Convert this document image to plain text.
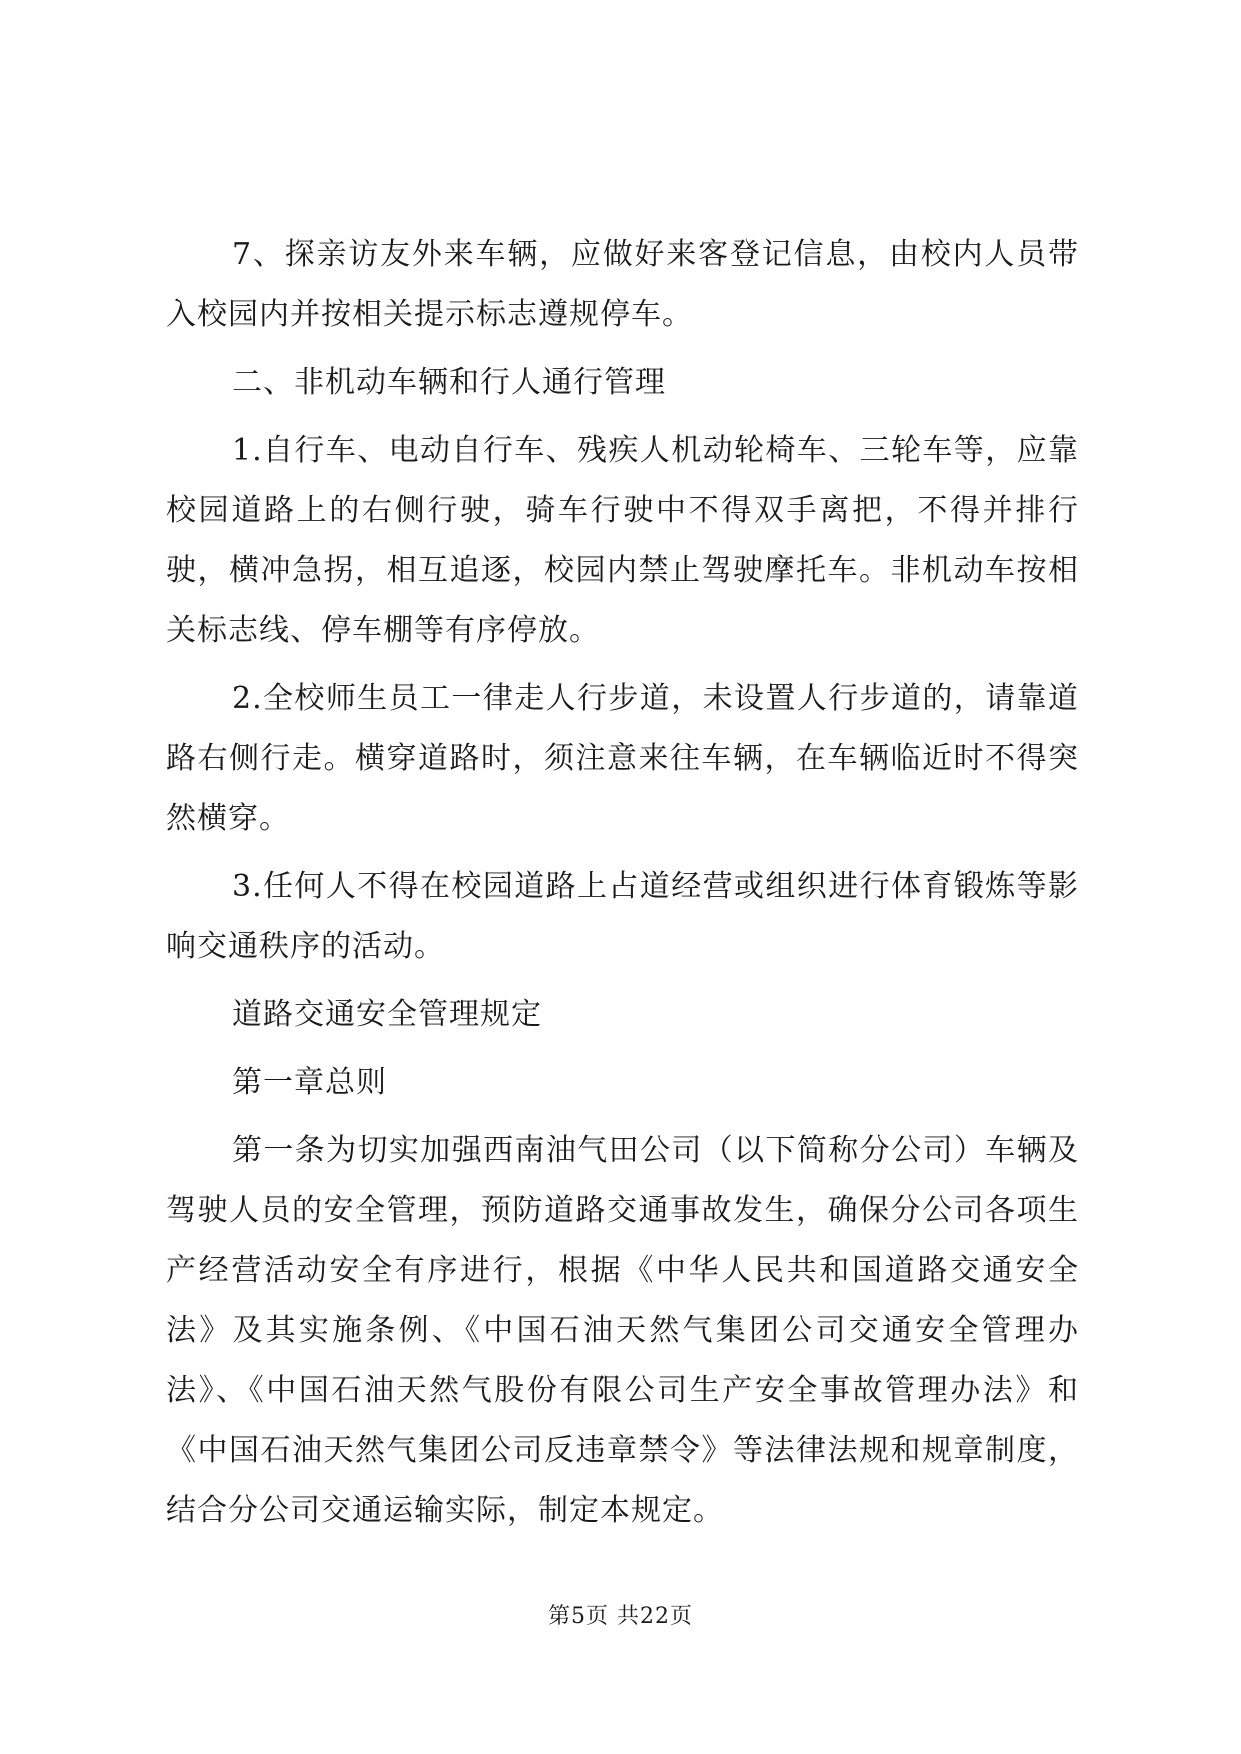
7、探亲访友外来车辆，应做好来客登记信息，由校内人员带入校园内并按相关提示标志遵规停车。

二、非机动车辆和行人通行管理

1.自行车、电动自行车、残疾人机动轮椅车、三轮车等，应靠校园道路上的右侧行驶，骑车行驶中不得双手离把，不得并排行驶，横冲急拐，相互追逐，校园内禁止驾驶摩托车。非机动车按相关标志线、停车棚等有序停放。

2.全校师生员工一律走人行步道，未设置人行步道的，请靠道路右侧行走。横穿道路时，须注意来往车辆，在车辆临近时不得突然横穿。

3.任何人不得在校园道路上占道经营或组织进行体育锻炼等影响交通秩序的活动。

道路交通安全管理规定

第一章总则

第一条为切实加强西南油气田公司（以下简称分公司）车辆及驾驶人员的安全管理，预防道路交通事故发生，确保分公司各项生产经营活动安全有序进行，根据《中华人民共和国道路交通安全法》及其实施条例、《中国石油天然气集团公司交通安全管理办法》、《中国石油天然气股份有限公司生产安全事故管理办法》和《中国石油天然气集团公司反违章禁令》等法律法规和规章制度，结合分公司交通运输实际，制定本规定。

第5页 共22页
